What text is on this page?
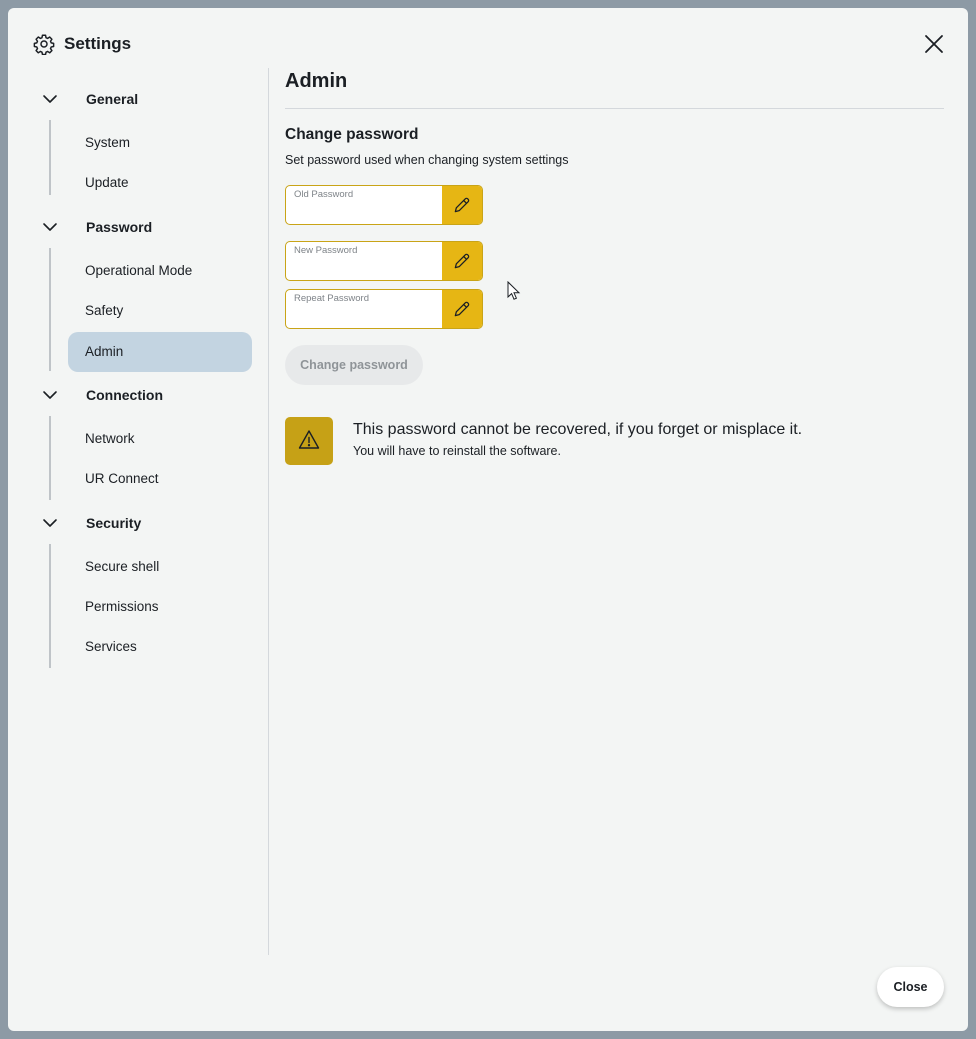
Settings
General
System
Update
Password
Operational Mode
Safety
Admin
Connection
Network
UR Connect
Security
Secure shell
Permissions
Services
Admin
Change password
Set password used when changing system settings
Old Password
New Password
Repeat Password
Change password
This password cannot be recovered, if you forget or misplace it.
You will have to reinstall the software.
Close
